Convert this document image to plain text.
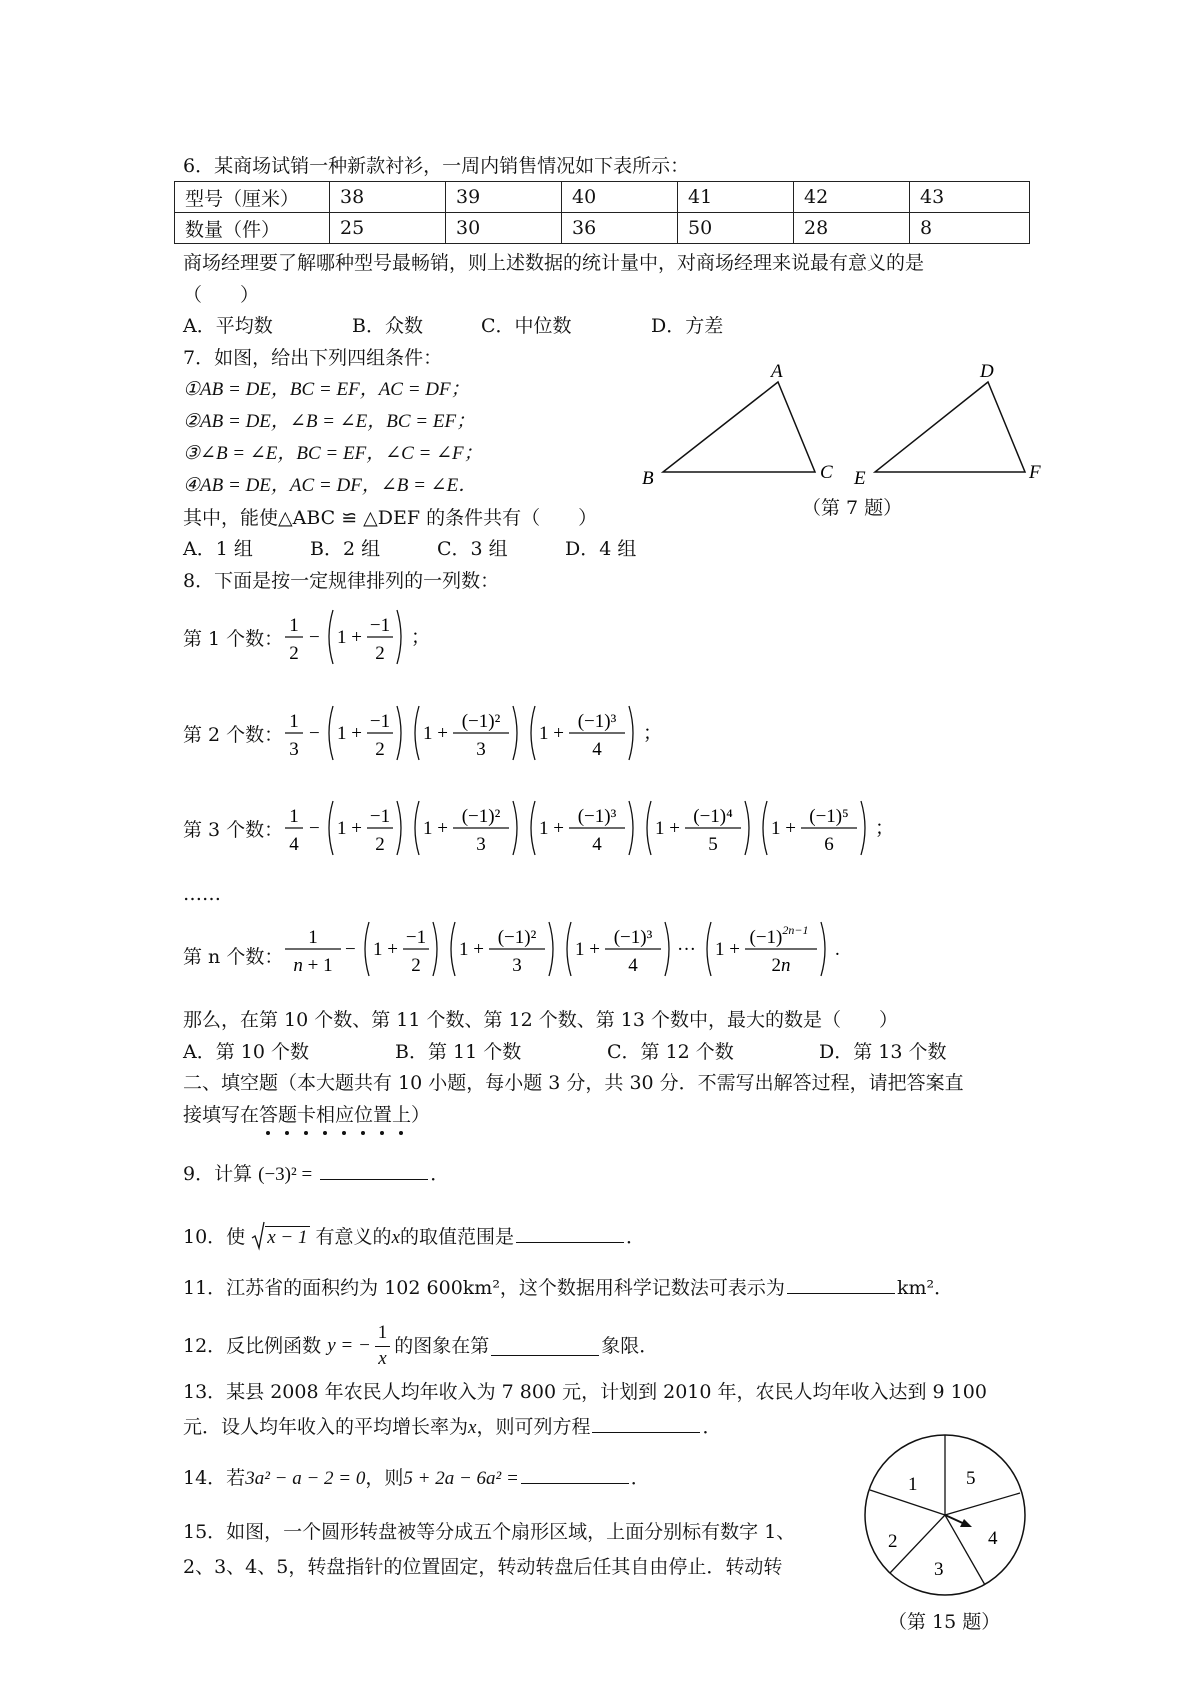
6．某商场试销一种新款衬衫，一周内销售情况如下表所示：
型号（厘米）	38	39	40	41	42	43
数量（件）	25	30	36	50	28	8
商场经理要了解哪种型号最畅销，则上述数据的统计量中，对商场经理来说最有意义的是
（　　）
A．平均数	B．众数	C．中位数	D．方差
7．如图，给出下列四组条件：
①AB = DE，BC = EF，AC = DF；
②AB = DE，∠B = ∠E，BC = EF；
③∠B = ∠E，BC = EF，∠C = ∠F；
④AB = DE，AC = DF，∠B = ∠E．
其中，能使△ABC ≌ △DEF 的条件共有（　　）
A．1 组	B．2 组	C．3 组	D．4 组
A
B	C
D
E	F
（第 7 题）
8．下面是按一定规律排列的一列数：
第 1 个数：
1
2
− 1 +
−1
2
；
第 2 个数：
1
3
− 1 +
−1
2
1 +
(−1)²
3
1 +
(−1)³
4
；
第 3 个数：
1
4
− 1 +
−1
2
1 +
(−1)²
3
1 +
(−1)³
4
1 +
(−1)⁴
5
1 +
(−1)⁵
6
；
……
第 n 个数：
1
n + 1
− 1 +
−1
2
1 +
(−1)²
3
1 +
(−1)³
4
··· 1 +
$(-1)^{2n-1}$
2n
.
那么，在第 10 个数、第 11 个数、第 12 个数、第 13 个数中，最大的数是（　　）
A．第 10 个数	B．第 11 个数	C．第 12 个数	D．第 13 个数
二、填空题（本大题共有 10 小题，每小题 3 分，共 30 分．不需写出解答过程，请把答案直
接填写在答题卡相应位置上
）
9．计算 (−3)² =	．
10．使 x − 1 有意义的x的取值范围是	．
11．江苏省的面积约为 102 600km²，这个数据用科学记数法可表示为	km²．
12．反比例函数 y = − $\frac{1}{x}$ 的图象在第	象限．
13．某县 2008 年农民人均年收入为 7 800 元，计划到 2010 年，农民人均年收入达到 9 100
元．设人均年收入的平均增长率为x，则可列方程	．
14．若3a² − a − 2 = 0，则5 + 2a − 6a² =	．
15．如图，一个圆形转盘被等分成五个扇形区域，上面分别标有数字 1、
2、3、4、5，转盘指针的位置固定，转动转盘后任其自由停止．转动转
1	5
4
3
2
（第 15 题）
